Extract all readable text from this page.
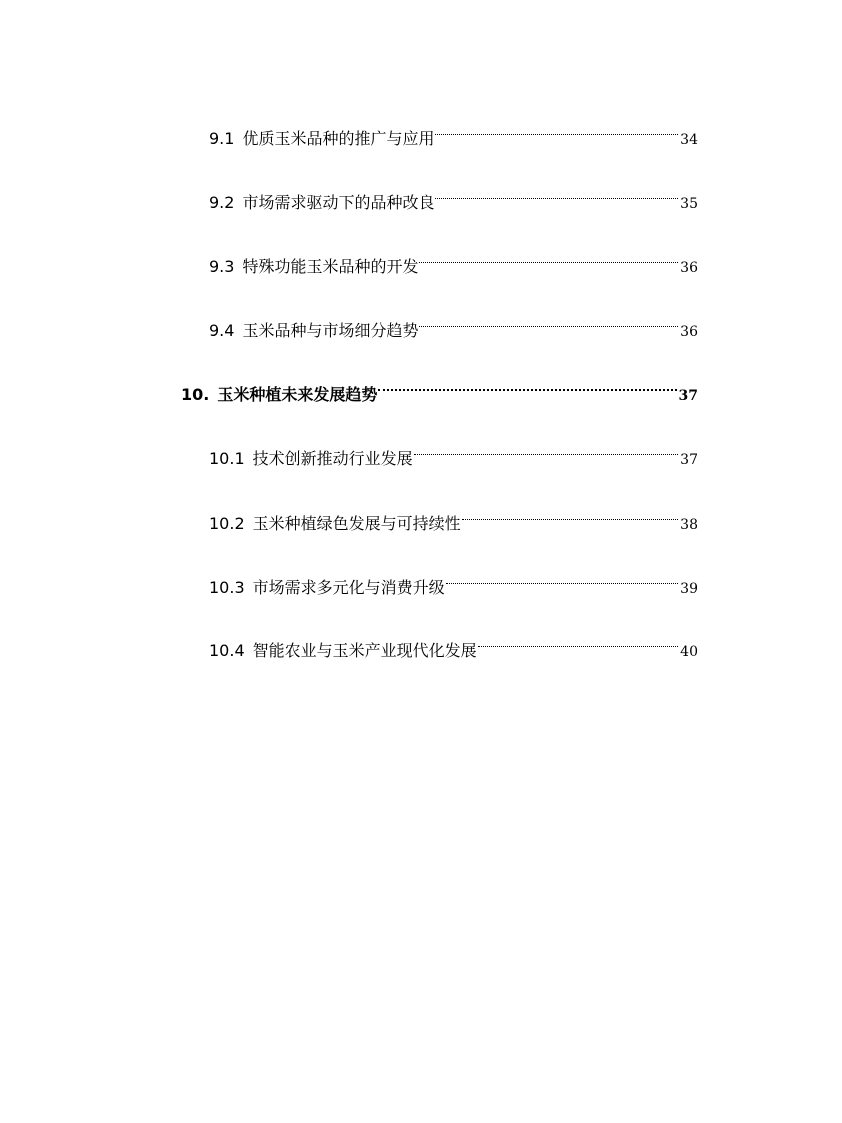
9.1 优质玉米品种的推广与应用	34
9.2 市场需求驱动下的品种改良	35
9.3 特殊功能玉米品种的开发	36
9.4 玉米品种与市场细分趋势	36
10. 玉米种植未来发展趋势	37
10.1 技术创新推动行业发展	37
10.2 玉米种植绿色发展与可持续性	38
10.3 市场需求多元化与消费升级	39
10.4 智能农业与玉米产业现代化发展	40
